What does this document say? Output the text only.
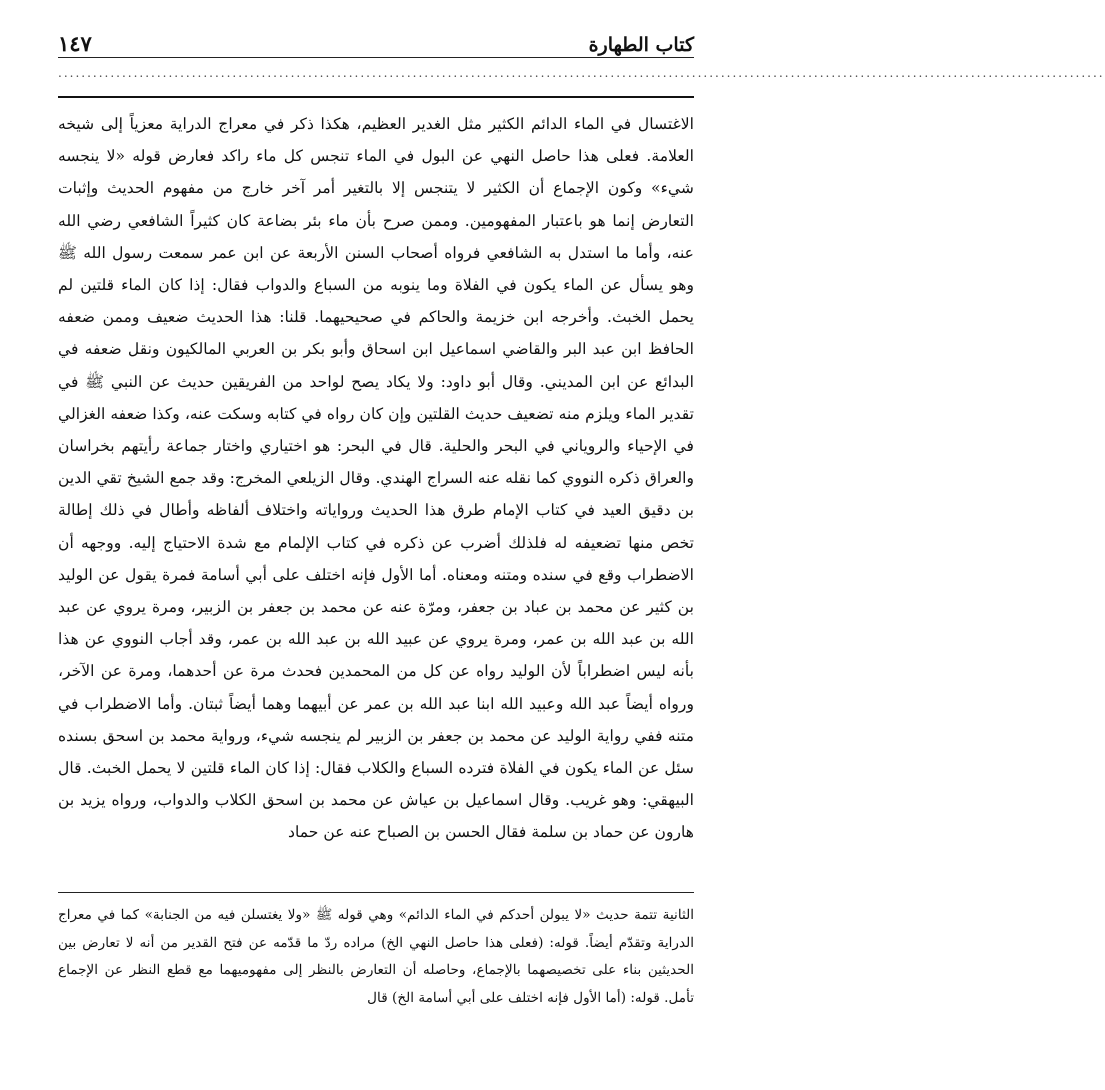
كتاب الطهارة
١٤٧
....................................................................................................................................................................................

الاغتسال في الماء الدائم الكثير مثل الغدير العظيم، هكذا ذكر في معراج الدراية معزياً إلى شيخه العلامة. فعلى هذا حاصل النهي عن البول في الماء تنجس كل ماء راكد فعارض قوله «لا ينجسه شيء» وكون الإجماع أن الكثير لا يتنجس إلا بالتغير أمر آخر خارج من مفهوم الحديث وإثبات التعارض إنما هو باعتبار المفهومين. وممن صرح بأن ماء بئر بضاعة كان كثيراً الشافعي رضي الله عنه، وأما ما استدل به الشافعي فرواه أصحاب السنن الأربعة عن ابن عمر سمعت رسول الله ﷺ وهو يسأل عن الماء يكون في الفلاة وما ينوبه من السباع والدواب فقال: إذا كان الماء قلتين لم يحمل الخبث. وأخرجه ابن خزيمة والحاكم في صحيحيهما. قلنا: هذا الحديث ضعيف وممن ضعفه الحافظ ابن عبد البر والقاضي اسماعيل ابن اسحاق وأبو بكر بن العربي المالكيون ونقل ضعفه في البدائع عن ابن المديني. وقال أبو داود: ولا يكاد يصح لواحد من الفريقين حديث عن النبي ﷺ في تقدير الماء ويلزم منه تضعيف حديث القلتين وإن كان رواه في كتابه وسكت عنه، وكذا ضعفه الغزالي في الإحياء والروياني في البحر والحلية. قال في البحر: هو اختياري واختار جماعة رأيتهم بخراسان والعراق ذكره النووي كما نقله عنه السراج الهندي. وقال الزيلعي المخرج: وقد جمع الشيخ تقي الدين بن دقيق العيد في كتاب الإمام طرق هذا الحديث ورواياته واختلاف ألفاظه وأطال في ذلك إطالة تخص منها تضعيفه له فلذلك أضرب عن ذكره في كتاب الإلمام مع شدة الاحتياج إليه. ووجهه أن الاضطراب وقع في سنده ومتنه ومعناه. أما الأول فإنه اختلف على أبي أسامة فمرة يقول عن الوليد بن كثير عن محمد بن عباد بن جعفر، ومرّة عنه عن محمد بن جعفر بن الزبير، ومرة يروي عن عبد الله بن عبد الله بن عمر، ومرة يروي عن عبيد الله بن عبد الله بن عمر، وقد أجاب النووي عن هذا بأنه ليس اضطراباً لأن الوليد رواه عن كل من المحمدين فحدث مرة عن أحدهما، ومرة عن الآخر، ورواه أيضاً عبد الله وعبيد الله ابنا عبد الله بن عمر عن أبيهما وهما أيضاً ثبتان. وأما الاضطراب في متنه ففي رواية الوليد عن محمد بن جعفر بن الزبير لم ينجسه شيء، ورواية محمد بن اسحق بسنده سئل عن الماء يكون في الفلاة فترده السباع والكلاب فقال: إذا كان الماء قلتين لا يحمل الخبث. قال البيهقي: وهو غريب. وقال اسماعيل بن عياش عن محمد بن اسحق الكلاب والدواب، ورواه يزيد بن هارون عن حماد بن سلمة فقال الحسن بن الصباح عنه عن حماد

الثانية تتمة حديث «لا يبولن أحدكم في الماء الدائم» وهي قوله ﷺ «ولا يغتسلن فيه من الجنابة» كما في معراج الدراية وتقدّم أيضاً. قوله: (فعلى هذا حاصل النهي الخ) مراده ردّ ما قدّمه عن فتح القدير من أنه لا تعارض بين الحديثين بناء على تخصيصهما بالإجماع، وحاصله أن التعارض بالنظر إلى مفهوميهما مع قطع النظر عن الإجماع تأمل. قوله: (أما الأول فإنه اختلف على أبي أسامة الخ) قال
